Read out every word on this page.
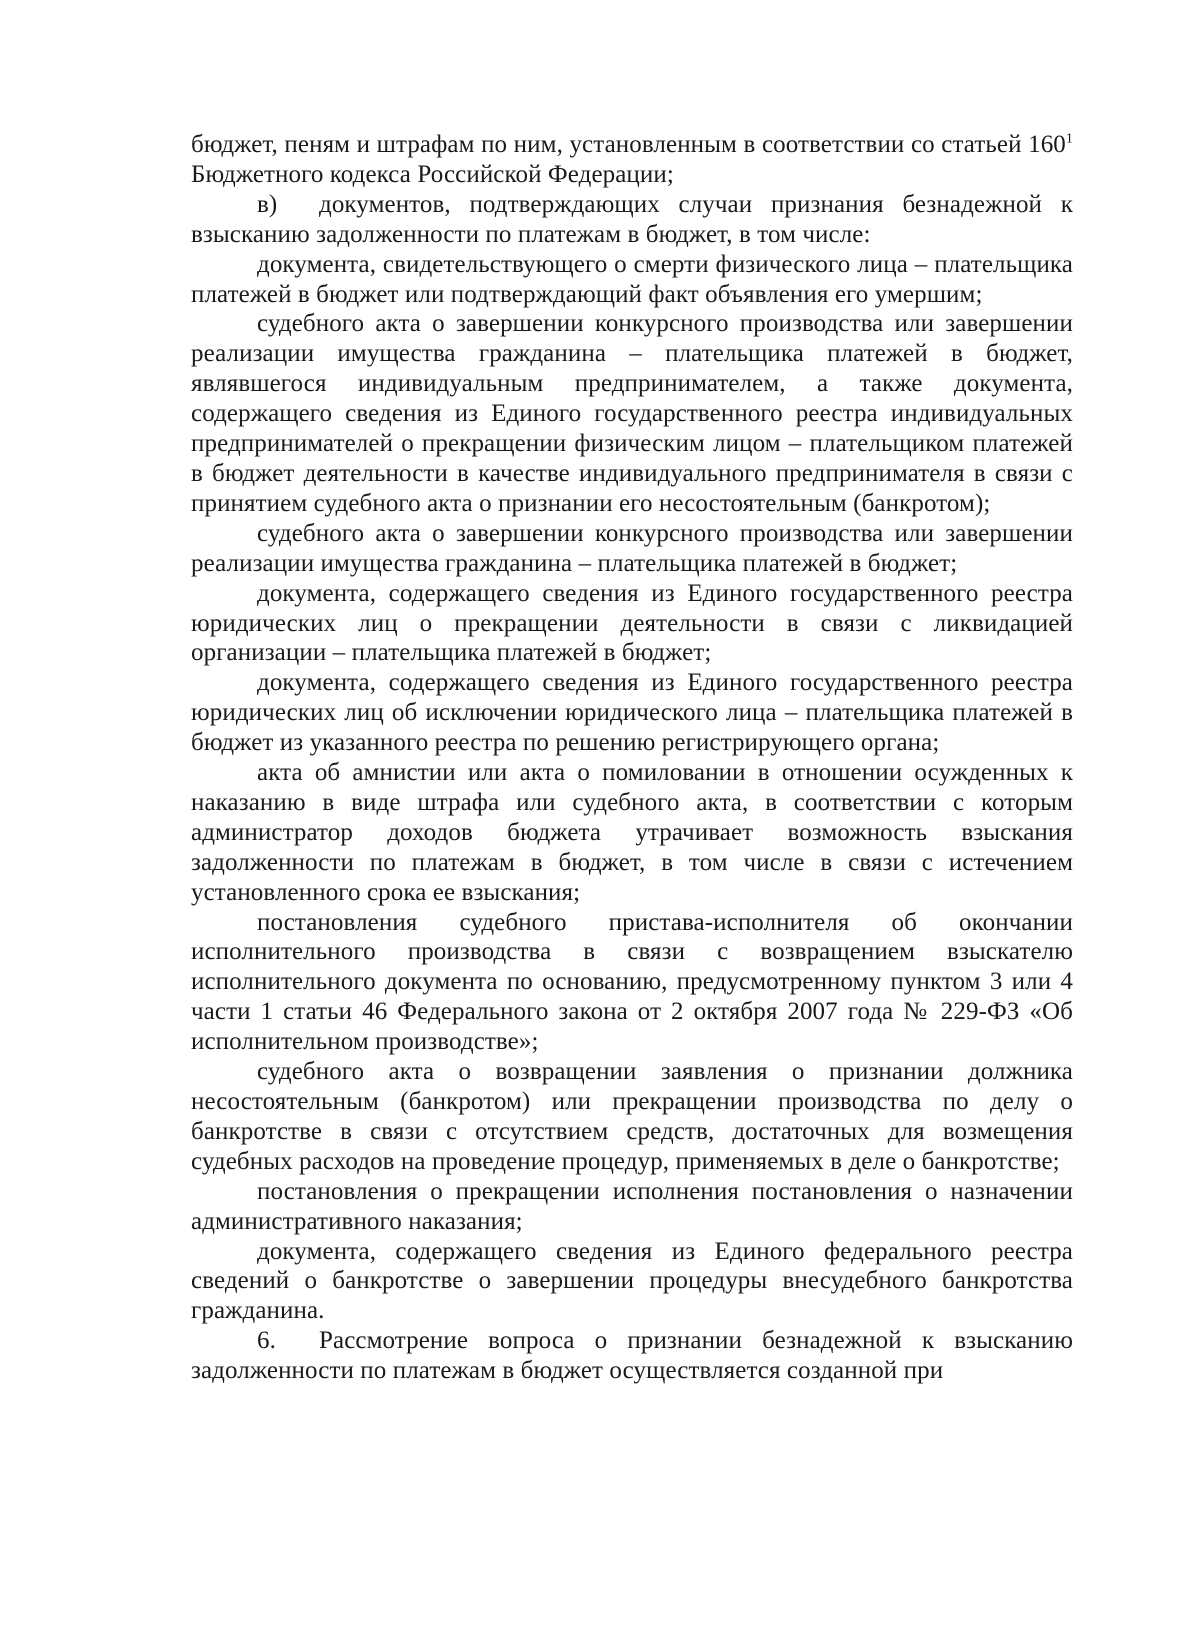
бюджет, пеням и штрафам по ним, установленным в соответствии со статьей $160^1$ Бюджетного кодекса Российской Федерации;

в) документов, подтверждающих случаи признания безнадежной к взысканию задолженности по платежам в бюджет, в том числе:

документа, свидетельствующего о смерти физического лица – плательщика платежей в бюджет или подтверждающий факт объявления его умершим;

судебного акта о завершении конкурсного производства или завершении реализации имущества гражданина – плательщика платежей в бюджет, являвшегося индивидуальным предпринимателем, а также документа, содержащего сведения из Единого государственного реестра индивидуальных предпринимателей о прекращении физическим лицом – плательщиком платежей в бюджет деятельности в качестве индивидуального предпринимателя в связи с принятием судебного акта о признании его несостоятельным (банкротом);

судебного акта о завершении конкурсного производства или завершении реализации имущества гражданина – плательщика платежей в бюджет;

документа, содержащего сведения из Единого государственного реестра юридических лиц о прекращении деятельности в связи с ликвидацией организации – плательщика платежей в бюджет;

документа, содержащего сведения из Единого государственного реестра юридических лиц об исключении юридического лица – плательщика платежей в бюджет из указанного реестра по решению регистрирующего органа;

акта об амнистии или акта о помиловании в отношении осужденных к наказанию в виде штрафа или судебного акта, в соответствии с которым администратор доходов бюджета утрачивает возможность взыскания задолженности по платежам в бюджет, в том числе в связи с истечением установленного срока ее взыскания;

постановления судебного пристава-исполнителя об окончании исполнительного производства в связи с возвращением взыскателю исполнительного документа по основанию, предусмотренному пунктом 3 или 4 части 1 статьи 46 Федерального закона от 2 октября 2007 года № 229-ФЗ «Об исполнительном производстве»;

судебного акта о возвращении заявления о признании должника несостоятельным (банкротом) или прекращении производства по делу о банкротстве в связи с отсутствием средств, достаточных для возмещения судебных расходов на проведение процедур, применяемых в деле о банкротстве;

постановления о прекращении исполнения постановления о назначении административного наказания;

документа, содержащего сведения из Единого федерального реестра сведений о банкротстве о завершении процедуры внесудебного банкротства гражданина.

6. Рассмотрение вопроса о признании безнадежной к взысканию задолженности по платежам в бюджет осуществляется созданной при
